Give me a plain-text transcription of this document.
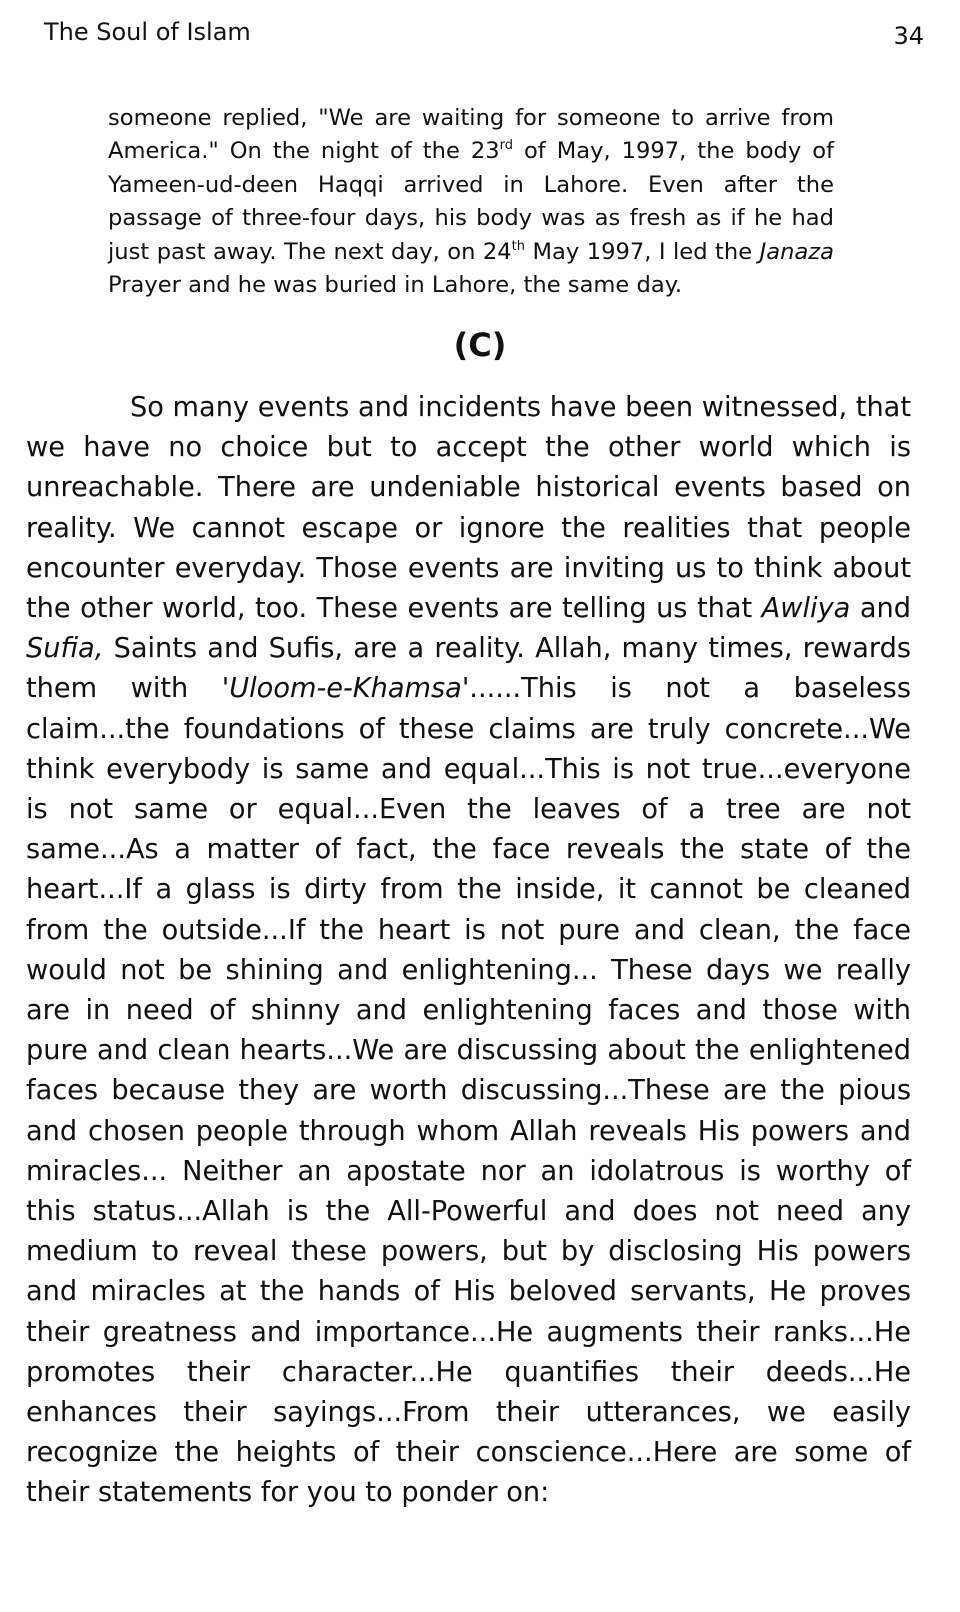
The Soul of Islam	34

someone replied, "We are waiting for someone to arrive from America." On the night of the 23rd of May, 1997, the body of Yameen-ud-deen Haqqi arrived in Lahore. Even after the passage of three-four days, his body was as fresh as if he had just past away. The next day, on 24th May 1997, I led the Janaza Prayer and he was buried in Lahore, the same day.

(C)

So many events and incidents have been witnessed, that we have no choice but to accept the other world which is unreachable. There are undeniable historical events based on reality. We cannot escape or ignore the realities that people encounter everyday. Those events are inviting us to think about the other world, too. These events are telling us that Awliya and Sufia, Saints and Sufis, are a reality. Allah, many times, rewards them with 'Uloom-e-Khamsa'......This is not a baseless claim...the foundations of these claims are truly concrete...We think everybody is same and equal...This is not true...everyone is not same or equal...Even the leaves of a tree are not same...As a matter of fact, the face reveals the state of the heart...If a glass is dirty from the inside, it cannot be cleaned from the outside...If the heart is not pure and clean, the face would not be shining and enlightening... These days we really are in need of shinny and enlightening faces and those with pure and clean hearts...We are discussing about the enlightened faces because they are worth discussing...These are the pious and chosen people through whom Allah reveals His powers and miracles... Neither an apostate nor an idolatrous is worthy of this status...Allah is the All-Powerful and does not need any medium to reveal these powers, but by disclosing His powers and miracles at the hands of His beloved servants, He proves their greatness and importance...He augments their ranks...He promotes their character...He quantifies their deeds...He enhances their sayings...From their utterances, we easily recognize the heights of their conscience...Here are some of their statements for you to ponder on:
